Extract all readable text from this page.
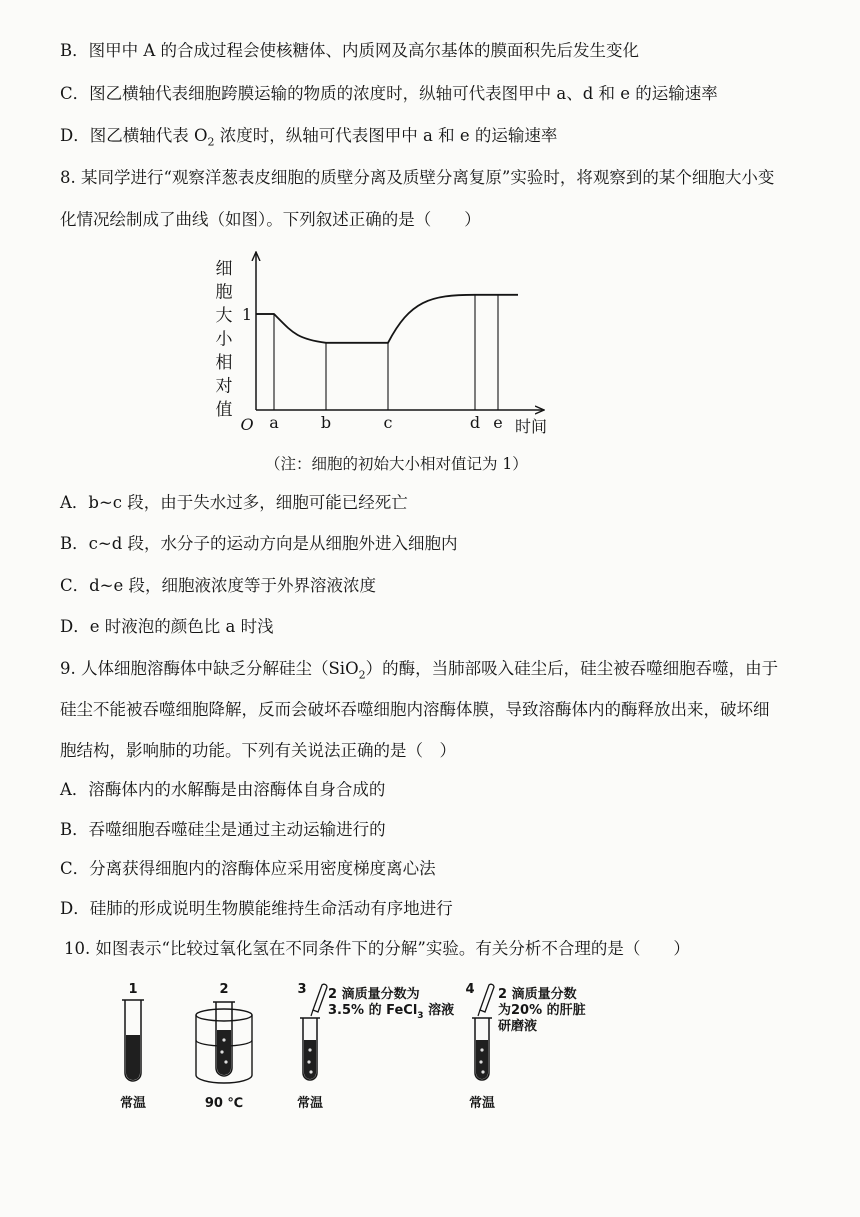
B．图甲中 A 的合成过程会使核糖体、内质网及高尔基体的膜面积先后发生变化
C．图乙横轴代表细胞跨膜运输的物质的浓度时，纵轴可代表图甲中 a、d 和 e 的运输速率
D．图乙横轴代表 $O_2$ 浓度时，纵轴可代表图甲中 a 和 e 的运输速率
8. 某同学进行“观察洋葱表皮细胞的质壁分离及质壁分离复原”实验时，将观察到的某个细胞大小变
化情况绘制成了曲线（如图）。下列叙述正确的是（　　）
细
胞
大
小
相
对
值
1
a	b	c	d e
O	时间
（注：细胞的初始大小相对值记为 1）
A．b~c 段，由于失水过多，细胞可能已经死亡
B．c~d 段，水分子的运动方向是从细胞外进入细胞内
C．d~e 段，细胞液浓度等于外界溶液浓度
D．e 时液泡的颜色比 a 时浅
9. 人体细胞溶酶体中缺乏分解硅尘（SiO$_2$）的酶，当肺部吸入硅尘后，硅尘被吞噬细胞吞噬，由于
硅尘不能被吞噬细胞降解，反而会破坏吞噬细胞内溶酶体膜，导致溶酶体内的酶释放出来，破坏细
胞结构，影响肺的功能。下列有关说法正确的是（　）
A．溶酶体内的水解酶是由溶酶体自身合成的
B．吞噬细胞吞噬硅尘是通过主动运输进行的
C．分离获得细胞内的溶酶体应采用密度梯度离心法
D．硅肺的形成说明生物膜能维持生命活动有序地进行
10. 如图表示“比较过氧化氢在不同条件下的分解”实验。有关分析不合理的是（　　）
1
常温
2
90 ℃
3 2 滴质量分数为
3.5% 的 FeCl$_3$ 溶液
常温
4 2 滴质量分数
为20% 的肝脏
研磨液
常温
